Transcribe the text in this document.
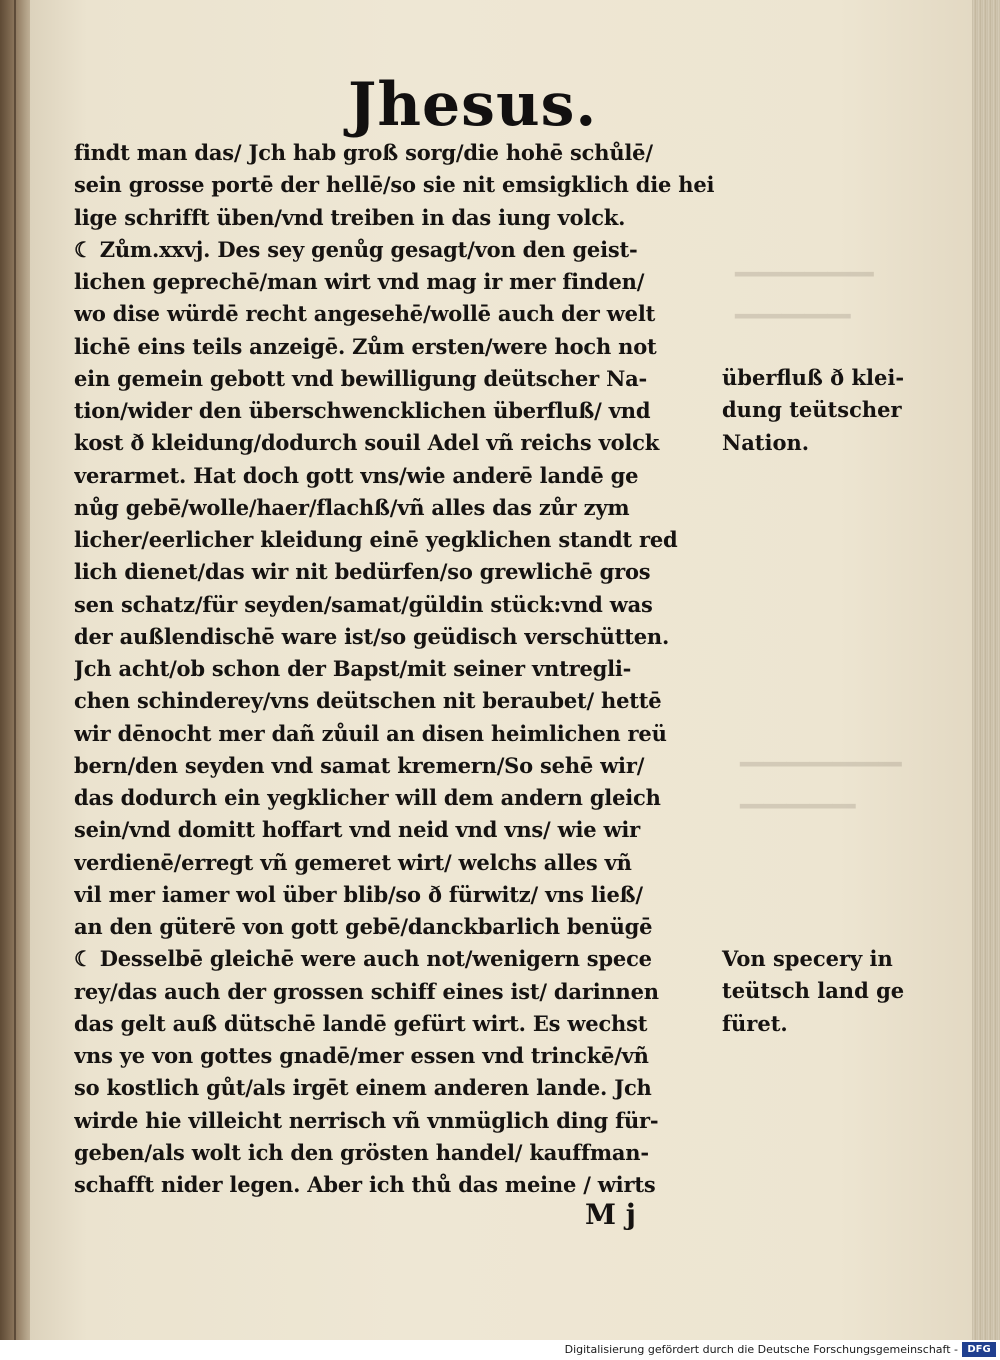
▔▔▔▔▔▔
▔▔▔▔▔
▔▔▔▔▔▔▔
▔▔▔▔▔
Jhesus.
findt man das/ Jch hab groß sorg/die hohē schůlē/
sein grosse portē der hellē/so sie nit emsigklich die hei
lige schrifft üben/vnd treiben in das iung volck.
☾ Zům.xxvj. Des sey genůg gesagt/von den geist-
lichen geprechē/man wirt vnd mag ir mer finden/
wo dise würdē recht angesehē/wollē auch der welt
lichē eins teils anzeigē. Zům ersten/were hoch not
ein gemein gebott vnd bewilligung deütscher Na-
tion/wider den überschwencklichen überfluß/ vnd
kost ð kleidung/dodurch souil Adel vñ reichs volck
verarmet. Hat doch gott vns/wie anderē landē ge
nůg gebē/wolle/haer/flachß/vñ alles das zůr zym
licher/eerlicher kleidung einē yegklichen standt red
lich dienet/das wir nit bedürfen/so grewlichē gros
sen schatz/für seyden/samat/güldin stück:vnd was
der außlendischē ware ist/so geüdisch verschütten.
Jch acht/ob schon der Bapst/mit seiner vntregli-
chen schinderey/vns deütschen nit beraubet/ hettē
wir dēnocht mer dañ zůuil an disen heimlichen reü
bern/den seyden vnd samat kremern/So sehē wir/
das dodurch ein yegklicher will dem andern gleich
sein/vnd domitt hoffart vnd neid vnd vns/ wie wir
verdienē/erregt vñ gemeret wirt/ welchs alles vñ
vil mer iamer wol über blib/so ð fürwitz/ vns ließ/
an den güterē von gott gebē/danckbarlich benügē
☾ Desselbē gleichē were auch not/wenigern spece
rey/das auch der grossen schiff eines ist/ darinnen
das gelt auß dütschē landē gefürt wirt. Es wechst
vns ye von gottes gnadē/mer essen vnd trinckē/vñ
so kostlich gůt/als irgēt einem anderen lande. Jch
wirde hie villeicht nerrisch vñ vnmüglich ding für-
geben/als wolt ich den grösten handel/ kauffman-
schafft nider legen. Aber ich thů das meine / wirts
überfluß ð klei-
dung teütscher
Nation.
Von specery in
teütsch land ge
füret.
M j
Digitalisierung gefördert durch die Deutsche Forschungsgemeinschaft - DFG
